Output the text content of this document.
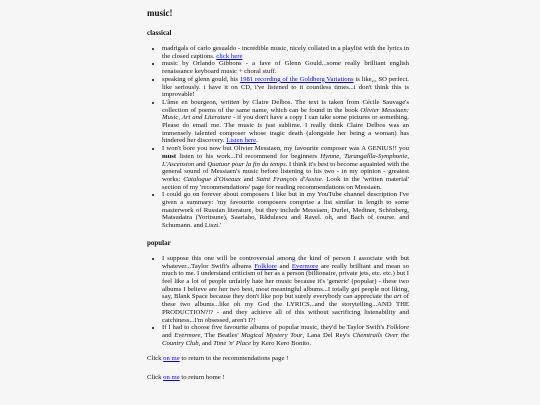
music!
classical
• madrigals of carlo gesualdo - incredible music, nicely collated in a playlist with the lyrics in the closed captions. click here
• music by Orlando Gibbons - a fave of Glenn Gould...some really brilliant english renaissance keyboard music + choral stuff.
• speaking of glenn gould, his 1981 recording of the Goldberg Variations is like,,, SO perfect. like seriously. i have it on CD, i've listened to it countless times...i don't think this is improvable!
• L'âme en bourgeon, written by Claire Delbos. The text is taken from Cécile Sauvage's collection of poems of the same name, which can be found in the book Olivier Messiaen: Music, Art and Literature - if you don't have a copy I can take some pictures or something. Please do email me. The music is just sublime. I really think Claire Delbos was an immensely talented composer whose tragic death (alongside her being a woman) has hindered her discovery. Listen here.
• I won't bore you now but Olivier Messiaen, my favourite composer was A GENIUS!! you must listen to his work...I'd recommend for beginners Hymne, Turangalîla-Symphonie, L'Ascension and Quatuor pour la fin du temps. I think it's best to become aquainted with the general sound of Messiaen's music before listening to his two - in my opinion - greatest works: Catalogue d'Oiseaux and Saint François d'Assise. Look in the 'written material' section of my 'recommendations' page for reading recommendations on Messiaen.
• I could go on forever about composers I like but in my YouTube channel description I've given a summary: 'my favourite composers comprise a list similar in length to some masterwork of Russian literature, but they include Messiaen, Durlet, Medtner, Schönberg, Matsudaira (Yoritsune), Saariaho, Rădulescu and Ravel. oh, and Bach of course. and Schumann. and Liszt.'
popular
• I suppose this one will be controversial among the kind of person I associate with but whatever...Taylor Swift's albums Folklore and Evermore are really brilliant and mean so much to me. I understand criticism of her as a person (billionaire, private jets, etc. etc.) but I feel like a lot of people unfairly hate her music because it's 'generic' (popular) - these two albums I believe are her two best, most meaningful albums...I totally get people not liking, say, Blank Space because they don't like pop but surely everybody can appreciate the art of these two albums...like oh my God the LYRICS...and the storytelling...AND THE PRODUCTION?!? - and they achieve all of this without sacrificing listenability and catchiness...I'm obsessed, aren't I?!
• If I had to choose five favourite albums of popular music, they'd be Taylor Swift's Folklore and Evermore, The Beatles' Magical Mystery Tour, Lana Del Rey's Chemtrails Over the Country Club, and Time 'n' Place by Kero Kero Bonito.

Click on me to return to the recommendations page !

Click on me to return home !
